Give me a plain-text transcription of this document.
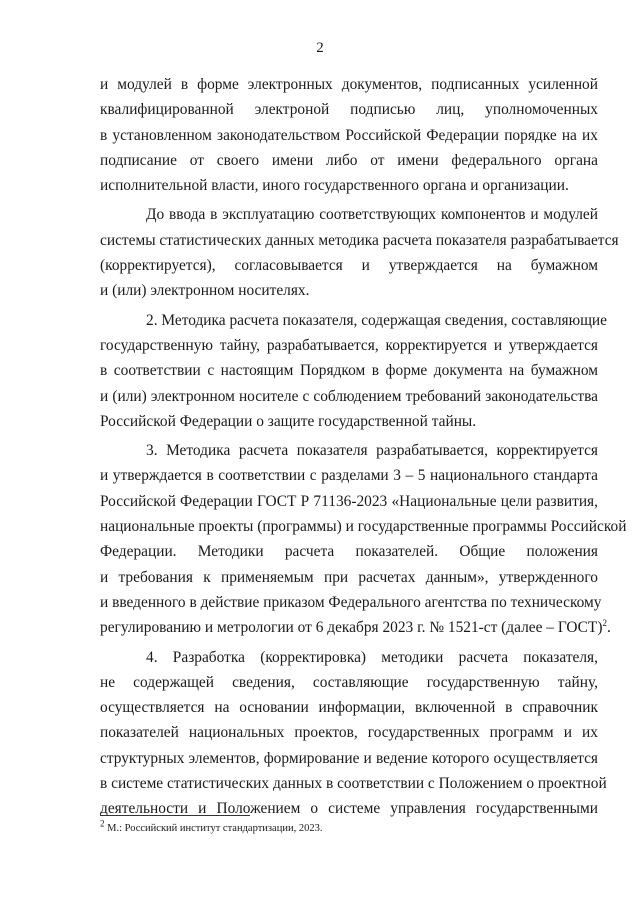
2

и модулей в форме электронных документов, подписанных усиленной
квалифицированной электроной подписью лиц, уполномоченных
в установленном законодательством Российской Федерации порядке на их
подписание от своего имени либо от имени федерального органа
исполнительной власти, иного государственного органа и организации.

До ввода в эксплуатацию соответствующих компонентов и модулей
системы статистических данных методика расчета показателя разрабатывается
(корректируется), согласовывается и утверждается на бумажном
и (или) электронном носителях.

2. Методика расчета показателя, содержащая сведения, составляющие
государственную тайну, разрабатывается, корректируется и утверждается
в соответствии с настоящим Порядком в форме документа на бумажном
и (или) электронном носителе с соблюдением требований законодательства
Российской Федерации о защите государственной тайны.

3. Методика расчета показателя разрабатывается, корректируется
и утверждается в соответствии с разделами 3 – 5 национального стандарта
Российской Федерации ГОСТ Р 71136-2023 «Национальные цели развития,
национальные проекты (программы) и государственные программы Российской
Федерации. Методики расчета показателей. Общие положения
и требования к применяемым при расчетах данным», утвержденного
и введенного в действие приказом Федерального агентства по техническому
регулированию и метрологии от 6 декабря 2023 г. № 1521-ст (далее – ГОСТ)$^2$.

4. Разработка (корректировка) методики расчета показателя,
не содержащей сведения, составляющие государственную тайну,
осуществляется на основании информации, включенной в справочник
показателей национальных проектов, государственных программ и их
структурных элементов, формирование и ведение которого осуществляется
в системе статистических данных в соответствии с Положением о проектной
деятельности и Положением о системе управления государственными

$^2$ М.: Российский институт стандартизации, 2023.
